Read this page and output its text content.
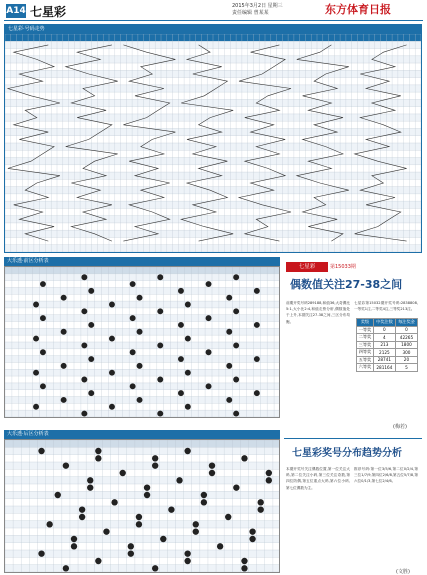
A14 七星彩	2015年3月2日 星期三
责任编辑 曾某某	东方体育日报
七星彩·号码走势
大乐透·前区分析表
大乐透·后区分析表
七星彩	第15033期
偶数值关注27-38之间
前期开奖号码289188,和值36,大奇偶比5:1,大小比2:4,和值走势分析,偶数值处于上升,本期关注27-38之间,三区分布均衡。
七星彩第15032期开奖号码:2838808,一等奖1注,二等奖4注,三等奖213注。
奖级	中奖注数	每注奖金
一等奖	0	0
二等奖	4	42265
三等奖	213	1800
四等奖	2125	300
五等奖	28741	20
六等奖	281164	5
(梅若)
七星彩奖号分布趋势分析
本期开奖号关注偶数位置,第一位关注大码,第二位关注小码,第三位关注奇数,第四位防偶,第五位重点大码,第六位小码,第七位偶数为主。
推荐号码:第一位3/5/6,第二位0/2/4,第三位1/7/9,第四位2/6/8,第五位5/7/8,第六位0/1/3,第七位2/4/6。
(文胜)
